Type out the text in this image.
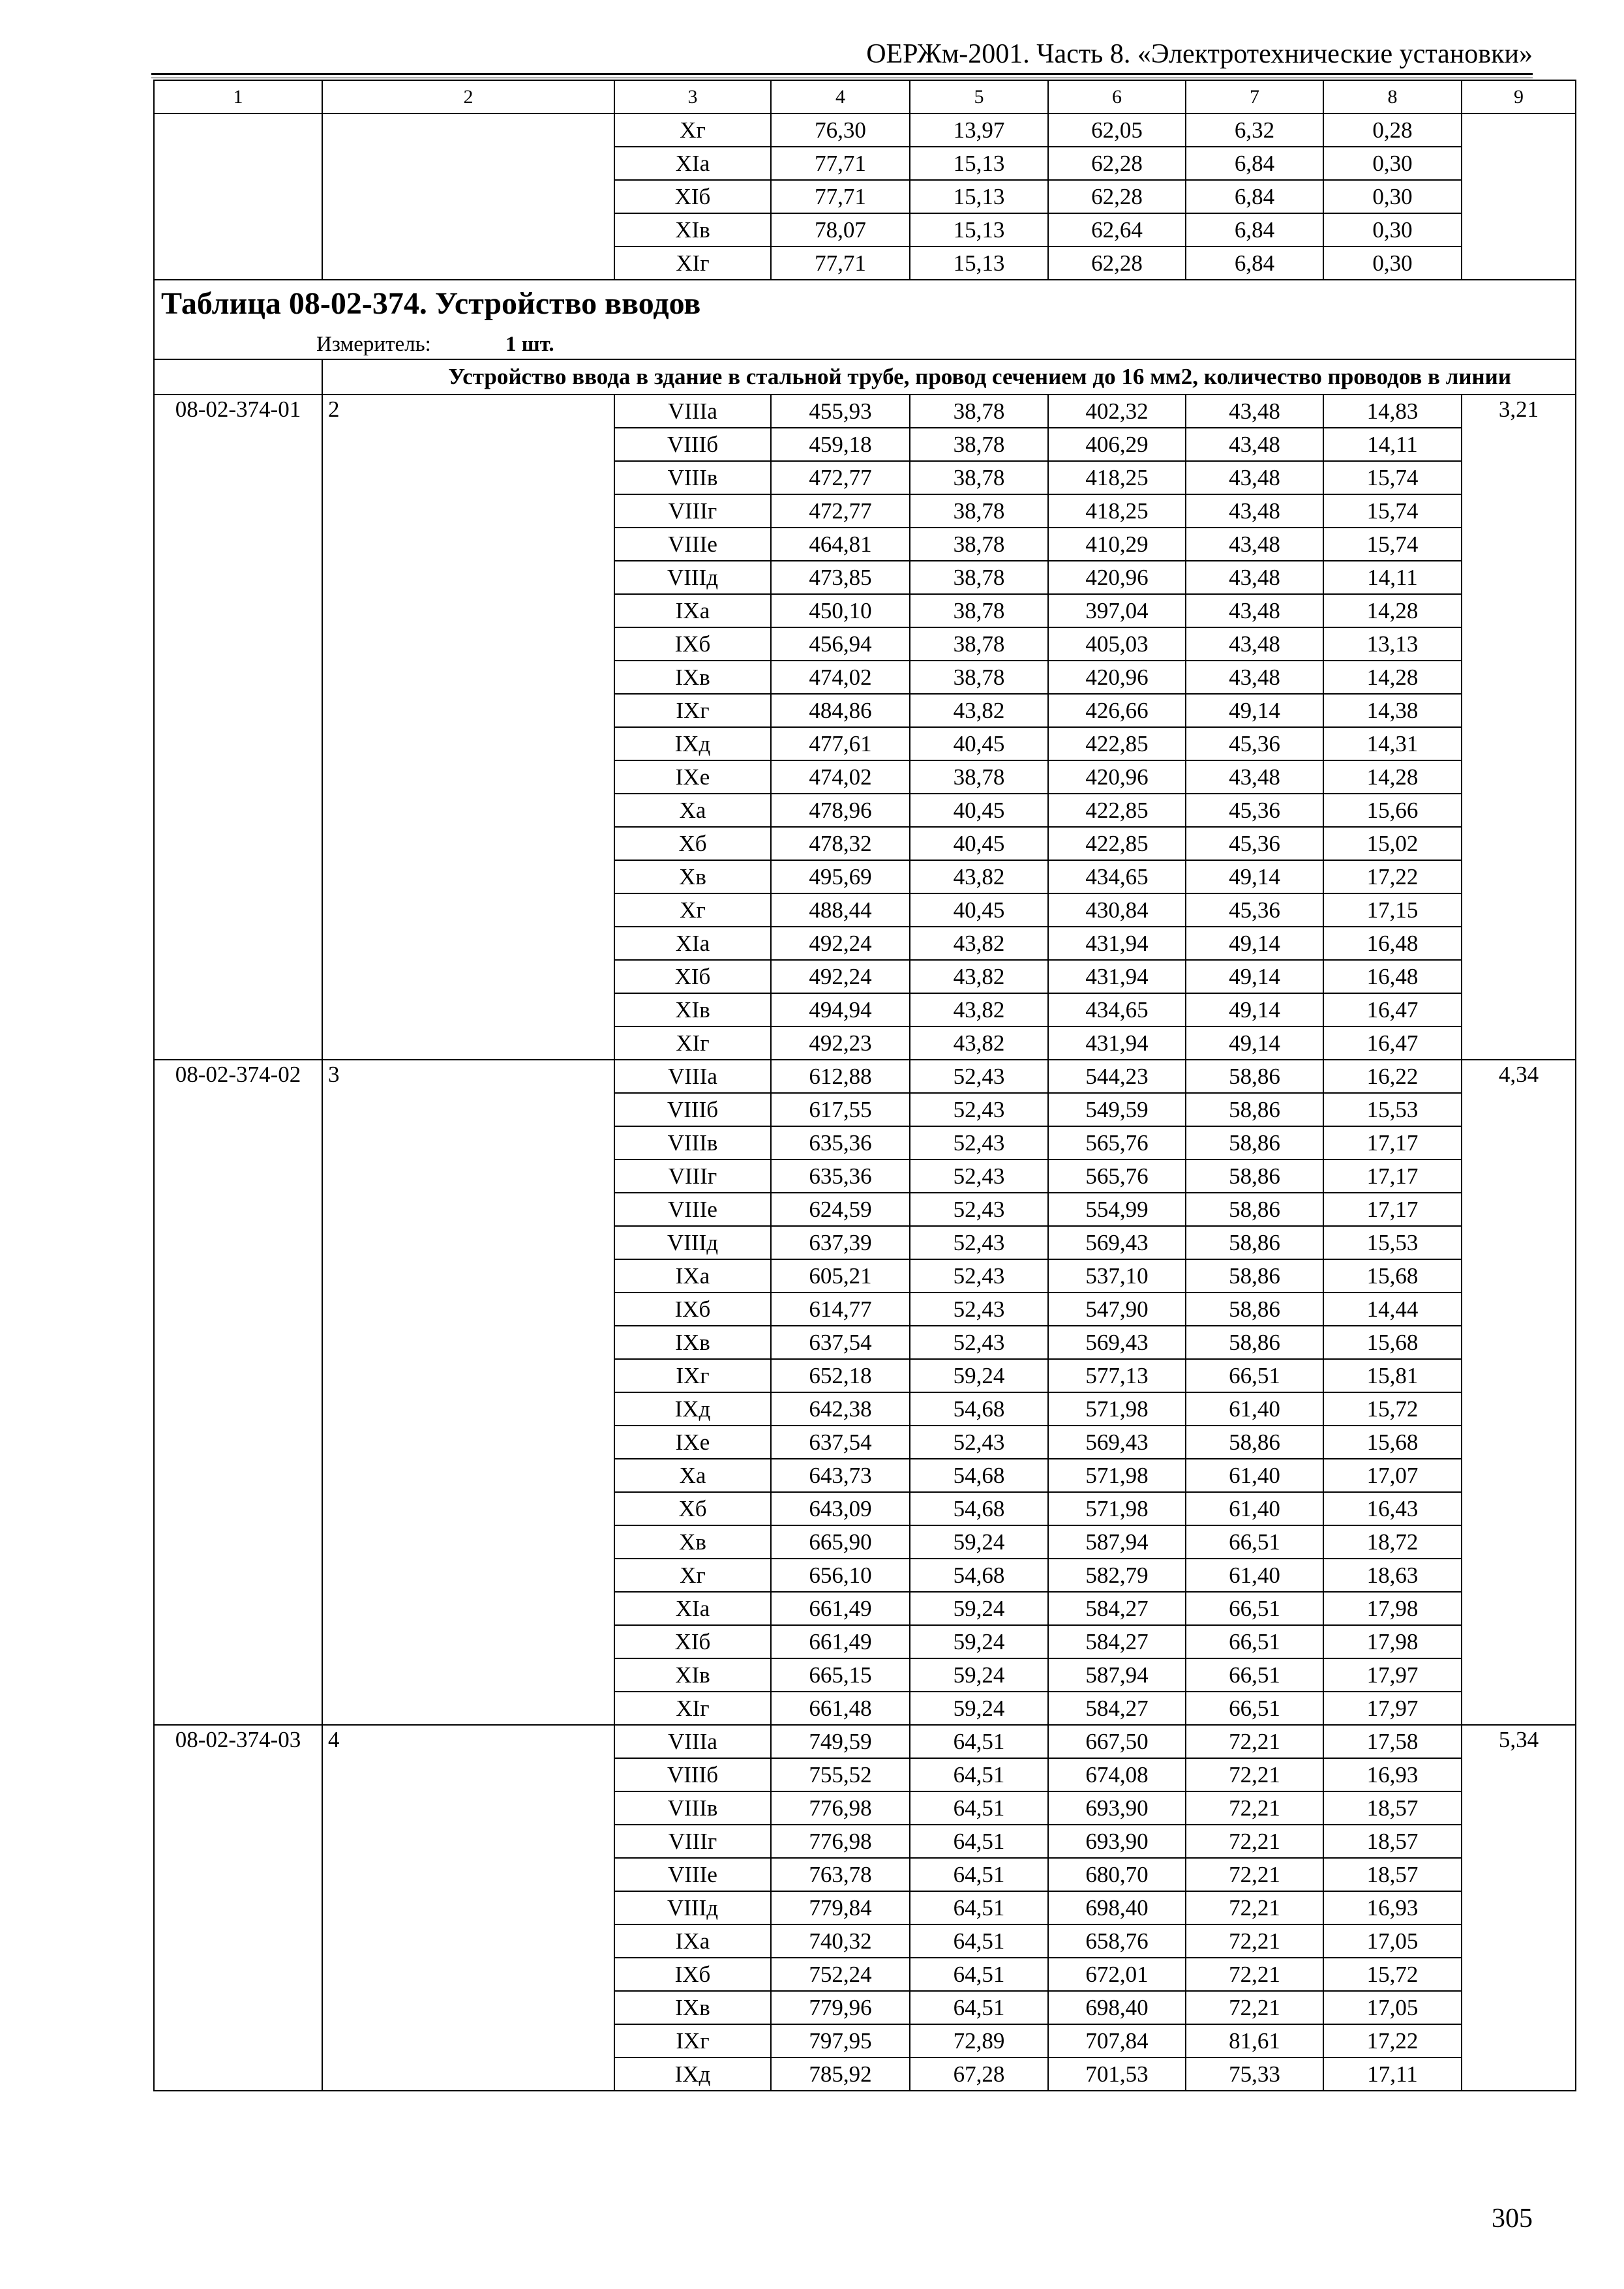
ОЕРЖм-2001. Часть 8. «Электротехнические установки»
1	2	3	4	5	6	7	8	9
		Хг	76,30	13,97	62,05	6,32	0,28	
		ХIа	77,71	15,13	62,28	6,84	0,30	
		ХIб	77,71	15,13	62,28	6,84	0,30	
		ХIв	78,07	15,13	62,64	6,84	0,30	
		ХIг	77,71	15,13	62,28	6,84	0,30	
Таблица 08-02-374. Устройство вводов								
Измеритель: 1 шт.								

	Устройство ввода в здание в стальной трубе, провод сечением до 16 мм2, количество проводов в линии							

08-02-374-01	2	VIIIа	455,93	38,78	402,32	43,48	14,83	3,21
		VIIIб	459,18	38,78	406,29	43,48	14,11	
		VIIIв	472,77	38,78	418,25	43,48	15,74	
		VIIIг	472,77	38,78	418,25	43,48	15,74	
		VIIIе	464,81	38,78	410,29	43,48	15,74	
		VIIIд	473,85	38,78	420,96	43,48	14,11	
		IХа	450,10	38,78	397,04	43,48	14,28	
		IХб	456,94	38,78	405,03	43,48	13,13	
		IХв	474,02	38,78	420,96	43,48	14,28	
		IХг	484,86	43,82	426,66	49,14	14,38	
		IХд	477,61	40,45	422,85	45,36	14,31	
		IХе	474,02	38,78	420,96	43,48	14,28	
		Ха	478,96	40,45	422,85	45,36	15,66	
		Хб	478,32	40,45	422,85	45,36	15,02	
		Хв	495,69	43,82	434,65	49,14	17,22	
		Хг	488,44	40,45	430,84	45,36	17,15	
		ХIа	492,24	43,82	431,94	49,14	16,48	
		ХIб	492,24	43,82	431,94	49,14	16,48	
		ХIв	494,94	43,82	434,65	49,14	16,47	
		ХIг	492,23	43,82	431,94	49,14	16,47	
08-02-374-02	3	VIIIа	612,88	52,43	544,23	58,86	16,22	4,34
		VIIIб	617,55	52,43	549,59	58,86	15,53	
		VIIIв	635,36	52,43	565,76	58,86	17,17	
		VIIIг	635,36	52,43	565,76	58,86	17,17	
		VIIIе	624,59	52,43	554,99	58,86	17,17	
		VIIIд	637,39	52,43	569,43	58,86	15,53	
		IХа	605,21	52,43	537,10	58,86	15,68	
		IХб	614,77	52,43	547,90	58,86	14,44	
		IХв	637,54	52,43	569,43	58,86	15,68	
		IХг	652,18	59,24	577,13	66,51	15,81	
		IХд	642,38	54,68	571,98	61,40	15,72	
		IХе	637,54	52,43	569,43	58,86	15,68	
		Ха	643,73	54,68	571,98	61,40	17,07	
		Хб	643,09	54,68	571,98	61,40	16,43	
		Хв	665,90	59,24	587,94	66,51	18,72	
		Хг	656,10	54,68	582,79	61,40	18,63	
		ХIа	661,49	59,24	584,27	66,51	17,98	
		ХIб	661,49	59,24	584,27	66,51	17,98	
		ХIв	665,15	59,24	587,94	66,51	17,97	
		ХIг	661,48	59,24	584,27	66,51	17,97	
08-02-374-03	4	VIIIа	749,59	64,51	667,50	72,21	17,58	5,34
		VIIIб	755,52	64,51	674,08	72,21	16,93	
		VIIIв	776,98	64,51	693,90	72,21	18,57	
		VIIIг	776,98	64,51	693,90	72,21	18,57	
		VIIIе	763,78	64,51	680,70	72,21	18,57	
		VIIIд	779,84	64,51	698,40	72,21	16,93	
		IХа	740,32	64,51	658,76	72,21	17,05	
		IХб	752,24	64,51	672,01	72,21	15,72	
		IХв	779,96	64,51	698,40	72,21	17,05	
		IХг	797,95	72,89	707,84	81,61	17,22	
		IХд	785,92	67,28	701,53	75,33	17,11	
305
